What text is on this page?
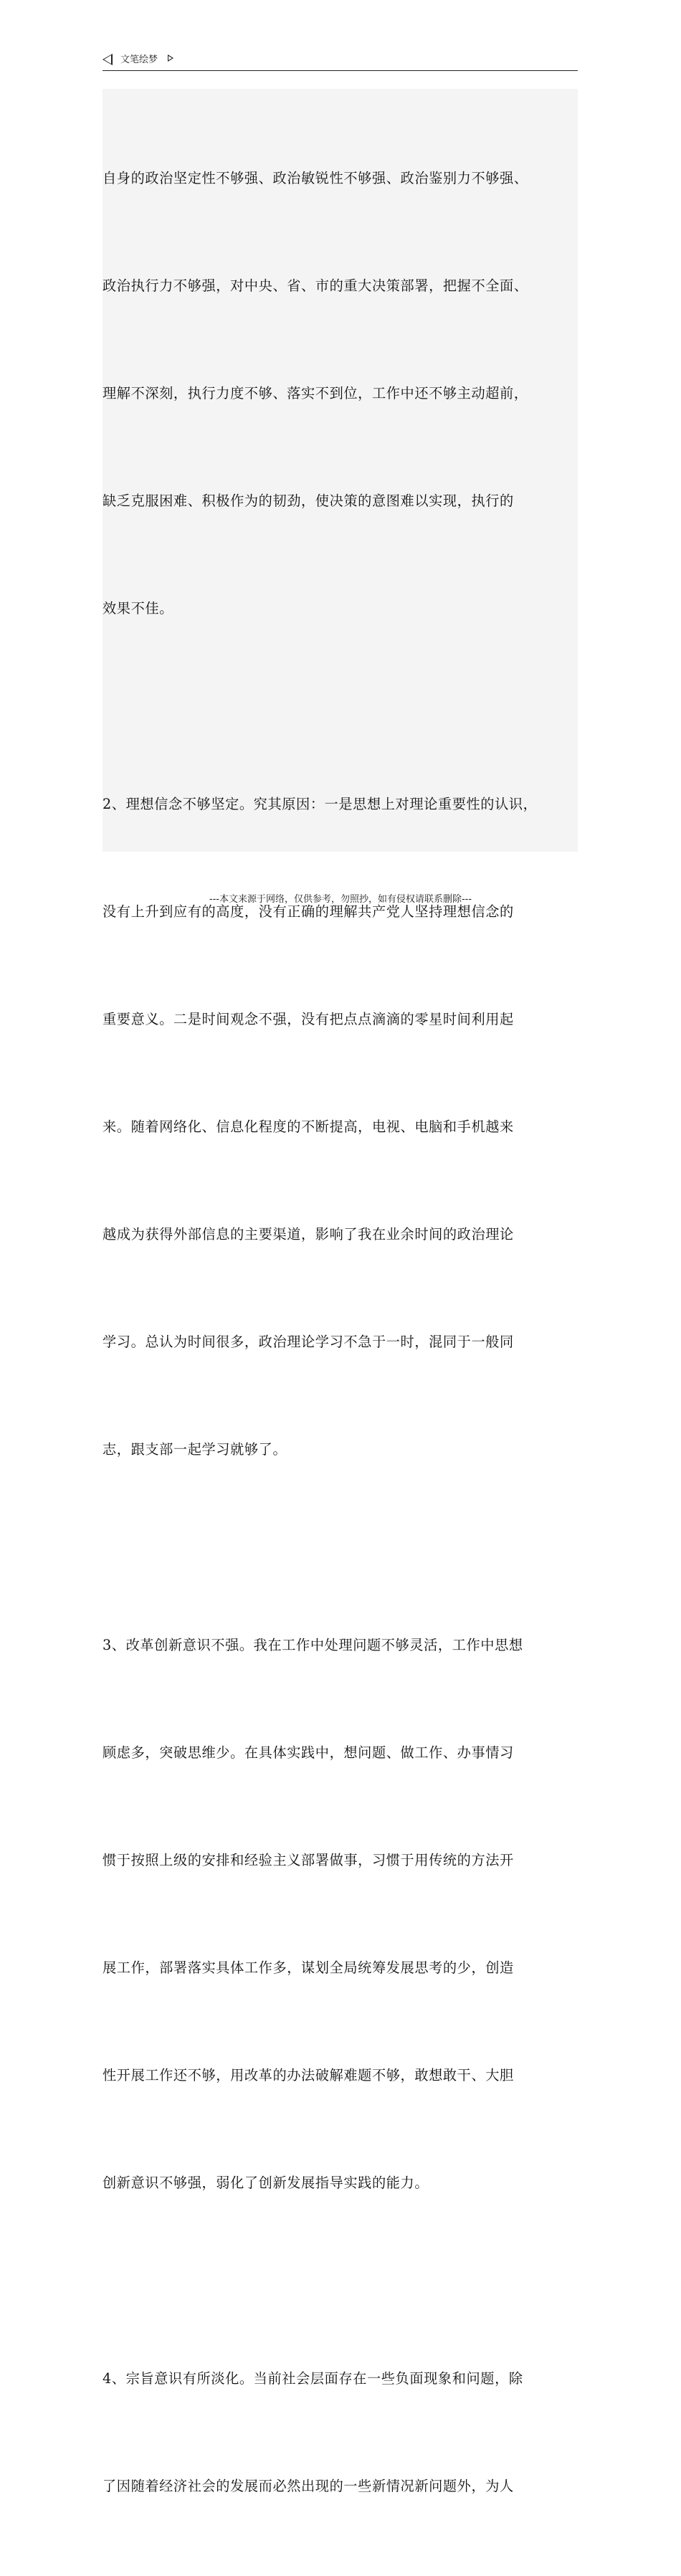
文笔绘梦

自身的政治坚定性不够强、政治敏锐性不够强、政治鉴别力不够强、

政治执行力不够强，对中央、省、市的重大决策部署，把握不全面、

理解不深刻，执行力度不够、落实不到位，工作中还不够主动超前，

缺乏克服困难、积极作为的韧劲，使决策的意图难以实现，执行的

效果不佳。

2、理想信念不够坚定。究其原因：一是思想上对理论重要性的认识，

没有上升到应有的高度，没有正确的理解共产党人坚持理想信念的

重要意义。二是时间观念不强，没有把点点滴滴的零星时间利用起

来。随着网络化、信息化程度的不断提高，电视、电脑和手机越来

越成为获得外部信息的主要渠道，影响了我在业余时间的政治理论

学习。总认为时间很多，政治理论学习不急于一时，混同于一般同

志，跟支部一起学习就够了。

3、改革创新意识不强。我在工作中处理问题不够灵活，工作中思想

顾虑多，突破思维少。在具体实践中，想问题、做工作、办事情习

惯于按照上级的安排和经验主义部署做事，习惯于用传统的方法开

展工作，部署落实具体工作多，谋划全局统筹发展思考的少，创造

性开展工作还不够，用改革的办法破解难题不够，敢想敢干、大胆

创新意识不够强，弱化了创新发展指导实践的能力。

4、宗旨意识有所淡化。当前社会层面存在一些负面现象和问题，除

了因随着经济社会的发展而必然出现的一些新情况新问题外，为人

---本文来源于网络，仅供参考，勿照抄，如有侵权请联系删除---
